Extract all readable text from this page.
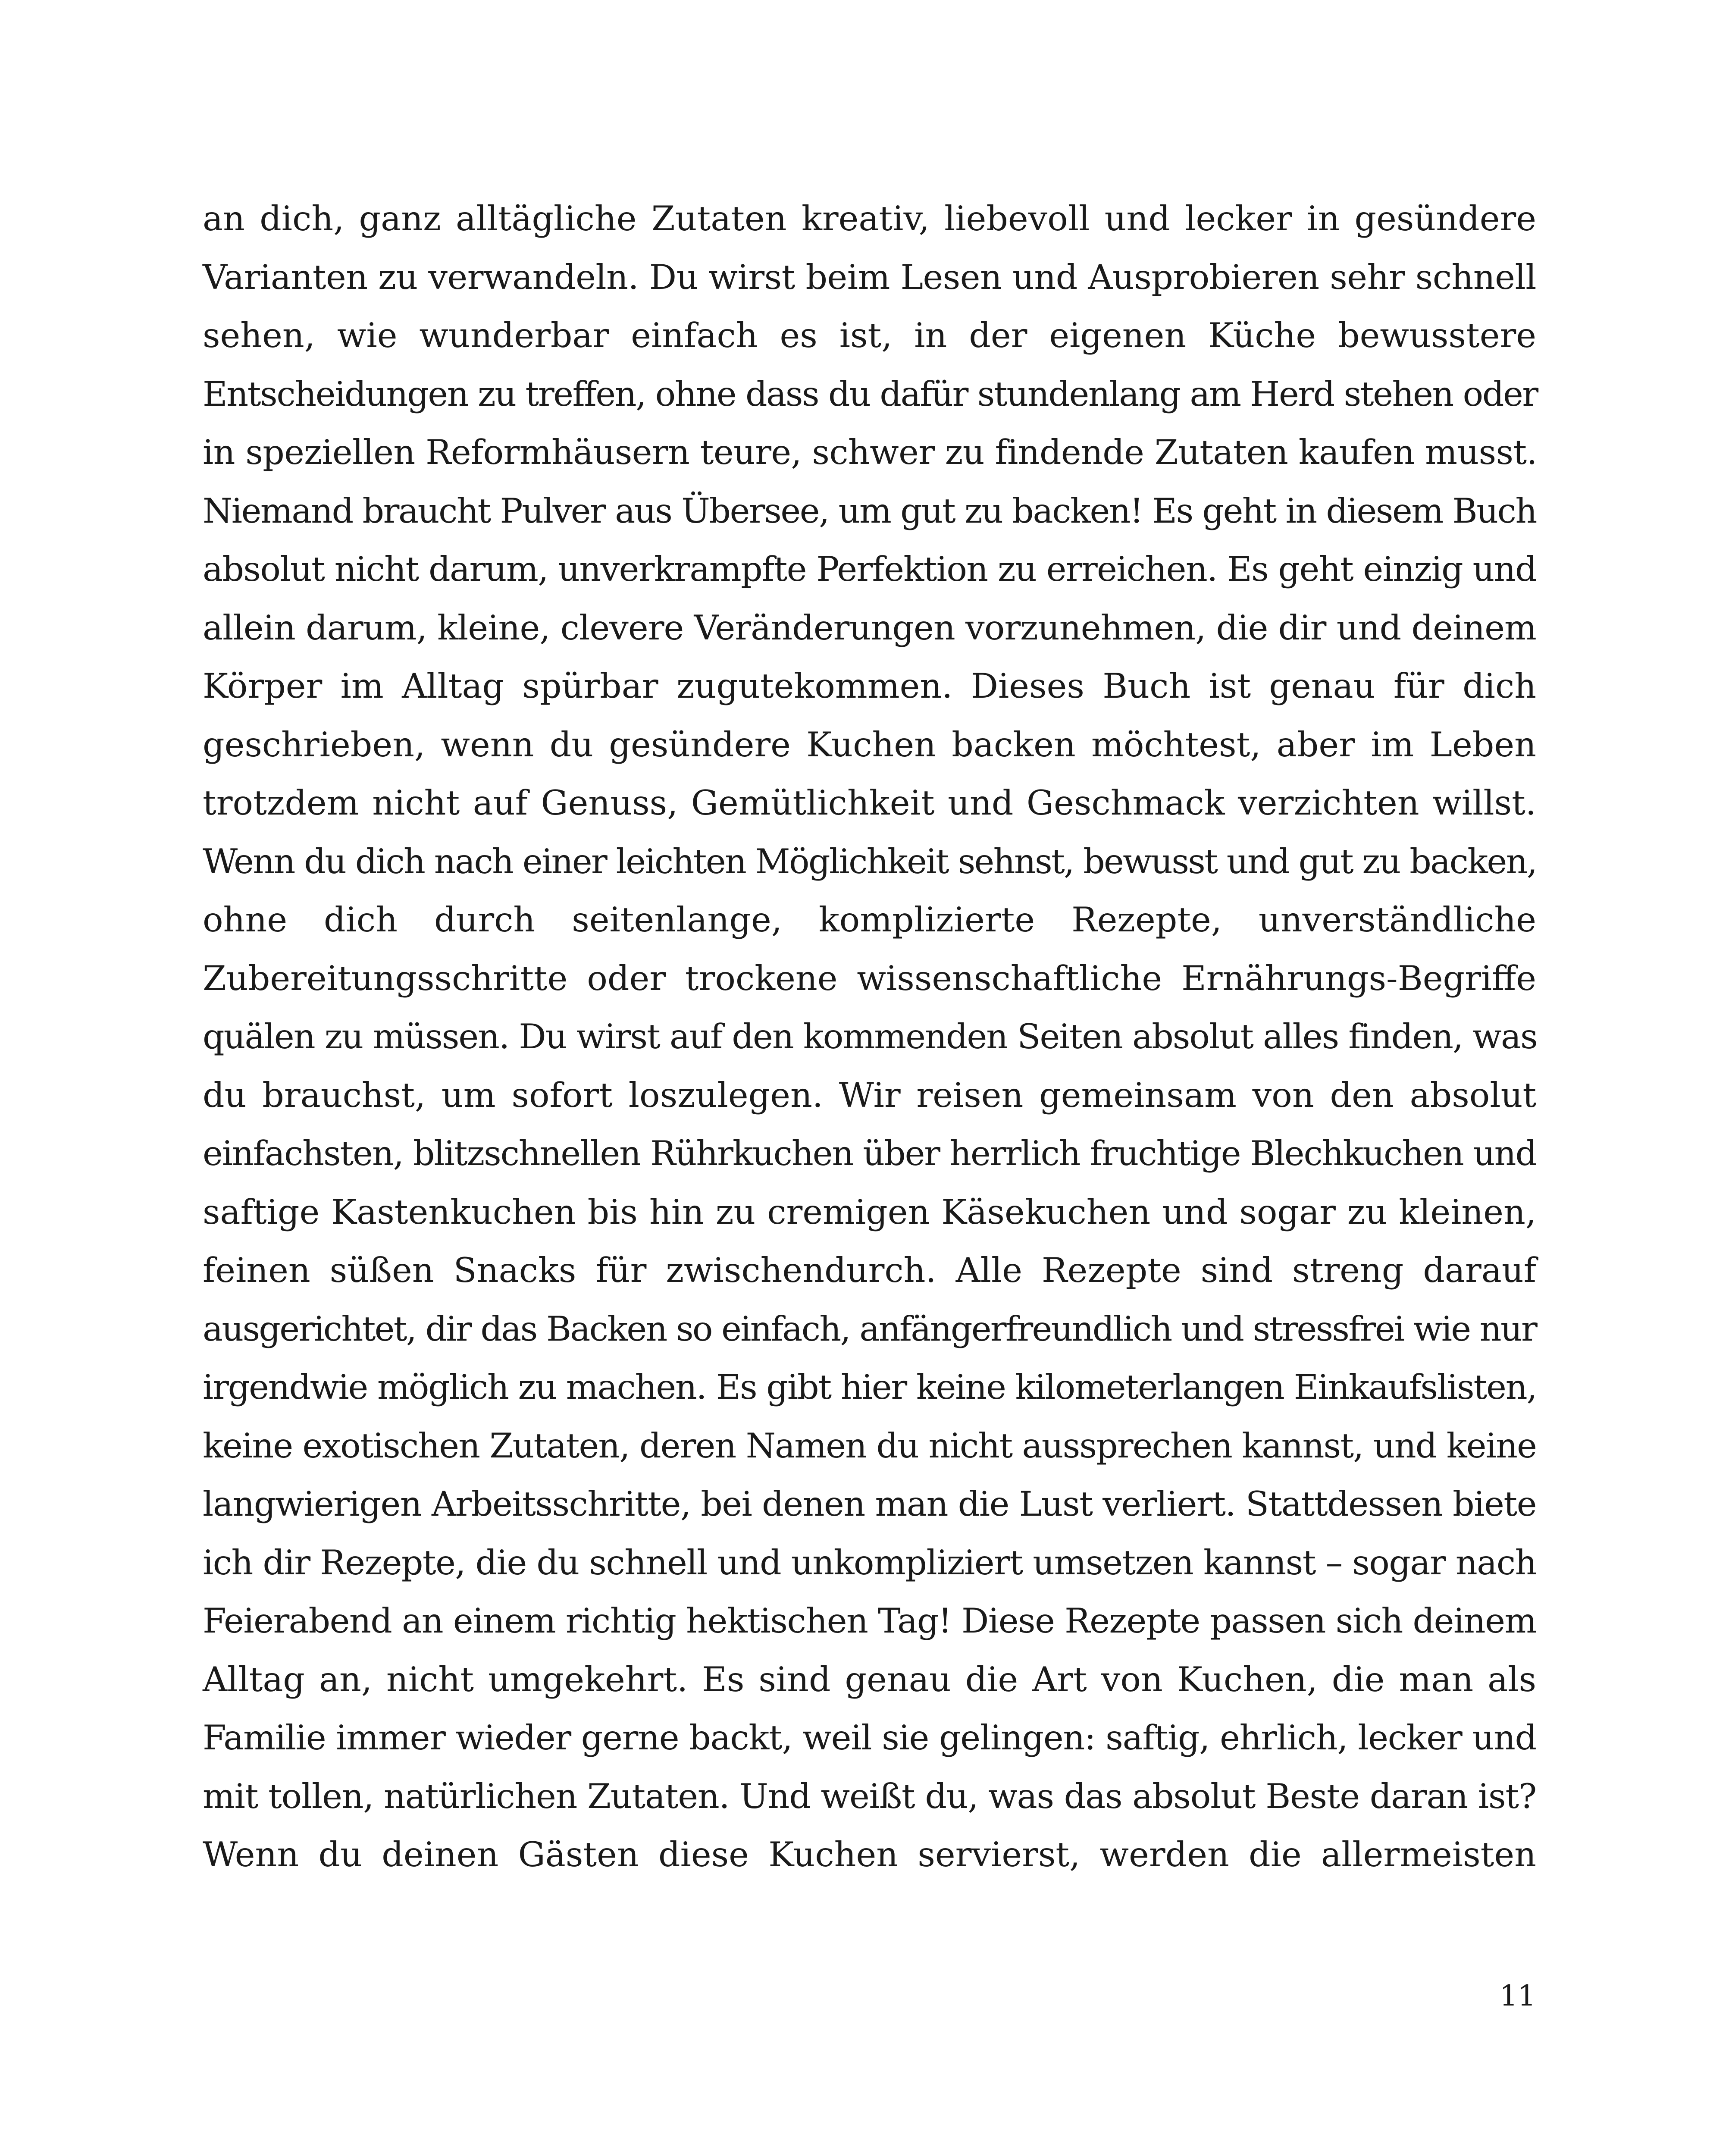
an dich, ganz alltägliche Zutaten kreativ, liebevoll und lecker in gesündere
Varianten zu verwandeln. Du wirst beim Lesen und Ausprobieren sehr schnell
sehen, wie wunderbar einfach es ist, in der eigenen Küche bewusstere
Entscheidungen zu treffen, ohne dass du dafür stundenlang am Herd stehen oder
in speziellen Reformhäusern teure, schwer zu findende Zutaten kaufen musst.
Niemand braucht Pulver aus Übersee, um gut zu backen! Es geht in diesem Buch
absolut nicht darum, unverkrampfte Perfektion zu erreichen. Es geht einzig und
allein darum, kleine, clevere Veränderungen vorzunehmen, die dir und deinem
Körper im Alltag spürbar zugutekommen. Dieses Buch ist genau für dich
geschrieben, wenn du gesündere Kuchen backen möchtest, aber im Leben
trotzdem nicht auf Genuss, Gemütlichkeit und Geschmack verzichten willst.
Wenn du dich nach einer leichten Möglichkeit sehnst, bewusst und gut zu backen,
ohne dich durch seitenlange, komplizierte Rezepte, unverständliche
Zubereitungsschritte oder trockene wissenschaftliche Ernährungs-Begriffe
quälen zu müssen. Du wirst auf den kommenden Seiten absolut alles finden, was
du brauchst, um sofort loszulegen. Wir reisen gemeinsam von den absolut
einfachsten, blitzschnellen Rührkuchen über herrlich fruchtige Blechkuchen und
saftige Kastenkuchen bis hin zu cremigen Käsekuchen und sogar zu kleinen,
feinen süßen Snacks für zwischendurch. Alle Rezepte sind streng darauf
ausgerichtet, dir das Backen so einfach, anfängerfreundlich und stressfrei wie nur
irgendwie möglich zu machen. Es gibt hier keine kilometerlangen Einkaufslisten,
keine exotischen Zutaten, deren Namen du nicht aussprechen kannst, und keine
langwierigen Arbeitsschritte, bei denen man die Lust verliert. Stattdessen biete
ich dir Rezepte, die du schnell und unkompliziert umsetzen kannst – sogar nach
Feierabend an einem richtig hektischen Tag! Diese Rezepte passen sich deinem
Alltag an, nicht umgekehrt. Es sind genau die Art von Kuchen, die man als
Familie immer wieder gerne backt, weil sie gelingen: saftig, ehrlich, lecker und
mit tollen, natürlichen Zutaten. Und weißt du, was das absolut Beste daran ist?
Wenn du deinen Gästen diese Kuchen servierst, werden die allermeisten
11
